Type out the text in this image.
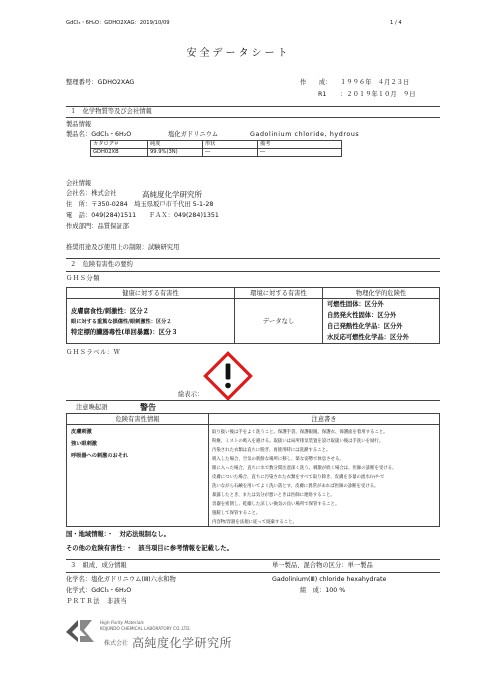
GdCl₃・6H₂O：GDHO2XAG：2019/10/09	1 / 4
安全データシート
整理番号：GDHO2XAG	作　　成： １９９６年　４月２３日
R1 ：２０１９年１０月　９日
１　化学物質等及び会社情報
製品情報
製品名：GdCl₃・6H₂O	塩化ガドリニウム	Gadolinium chloride, hydrous
カタログ＃	純度	形状	備考
GDH02XB	99.9%(3N)	―	―
会社情報
会社名：株式会社	高純度化学研究所
住　所：〒350-0284　埼玉県坂戸市千代田 5-1-28
電　話：049(284)1511　　ＦＡＸ：049(284)1351
作成部門：品質保証部
推奨用途及び使用上の制限：試験研究用
２　危険有害性の要約
ＧＨＳ分類
健康に対する有害性	環境に対する有害性	物理化学的危険性
皮膚腐食性/刺激性：区分２
眼に対する重篤な損傷性/眼刺激性：区分２
特定標的臓器毒性(単回暴露)：区分３
データなし
可燃性固体：区分外
自然発火性固体：区分外
自己発熱性化学品：区分外
水反応可燃性化学品：区分外
ＧＨＳラベル：Ｗ
絵表示：
注意喚起語	警告
危険有害性情報	注意書き
皮膚刺激
強い眼刺激
呼吸器への刺激のおそれ
取り扱い後は手をよく洗うこと。保護手袋、保護眼鏡、保護衣、保護面を着用すること。
粉塵、ミストの吸入を避ける。取扱いは局所排気装置を設け取扱い後は手洗いを励行。
汚染された衣類は直ちに脱ぎ、再使用時には洗濯すること。
吸入した場合、空気の新鮮な場所に移し、楽な姿勢で休息させる。
眼に入った場合、直ちに水で数分間注意深く洗う。刺激が続く場合は、医師の診断を受ける。
皮膚についた場合、直ちに汚染された衣類をすべて取り除き、皮膚を多量の流水/ｼｬﾜｰで
洗いながら石鹸を用いてよく洗い落とす。皮膚に異常があれば医師の診断を受ける。
暴露したとき、または気分が悪いときは医師に連絡すること。
容器を密閉し、乾燥した涼しい換気の良い場所で保管すること。
施錠して保管すること。
内容物/容器を法規に従って廃棄すること。
国・地域情報：・　対応法規制なし。
その他の危険有害性：・　該当項目に参考情報を記載した。
３　組成、成分情報	単一製品、混合物の区分：単一製品
化学名：塩化ガドリニウム(Ⅲ)六水和物	Gadolinium(Ⅲ) chloride hexahydrate
化学式：GdCl₃・6H₂O	組　成：100 %
ＰＲＴＲ法　非該当
High Purity Materials
KOJUNDO CHEMICAL LABORATORY CO.,LTD.
株式会社 高純度化学研究所
